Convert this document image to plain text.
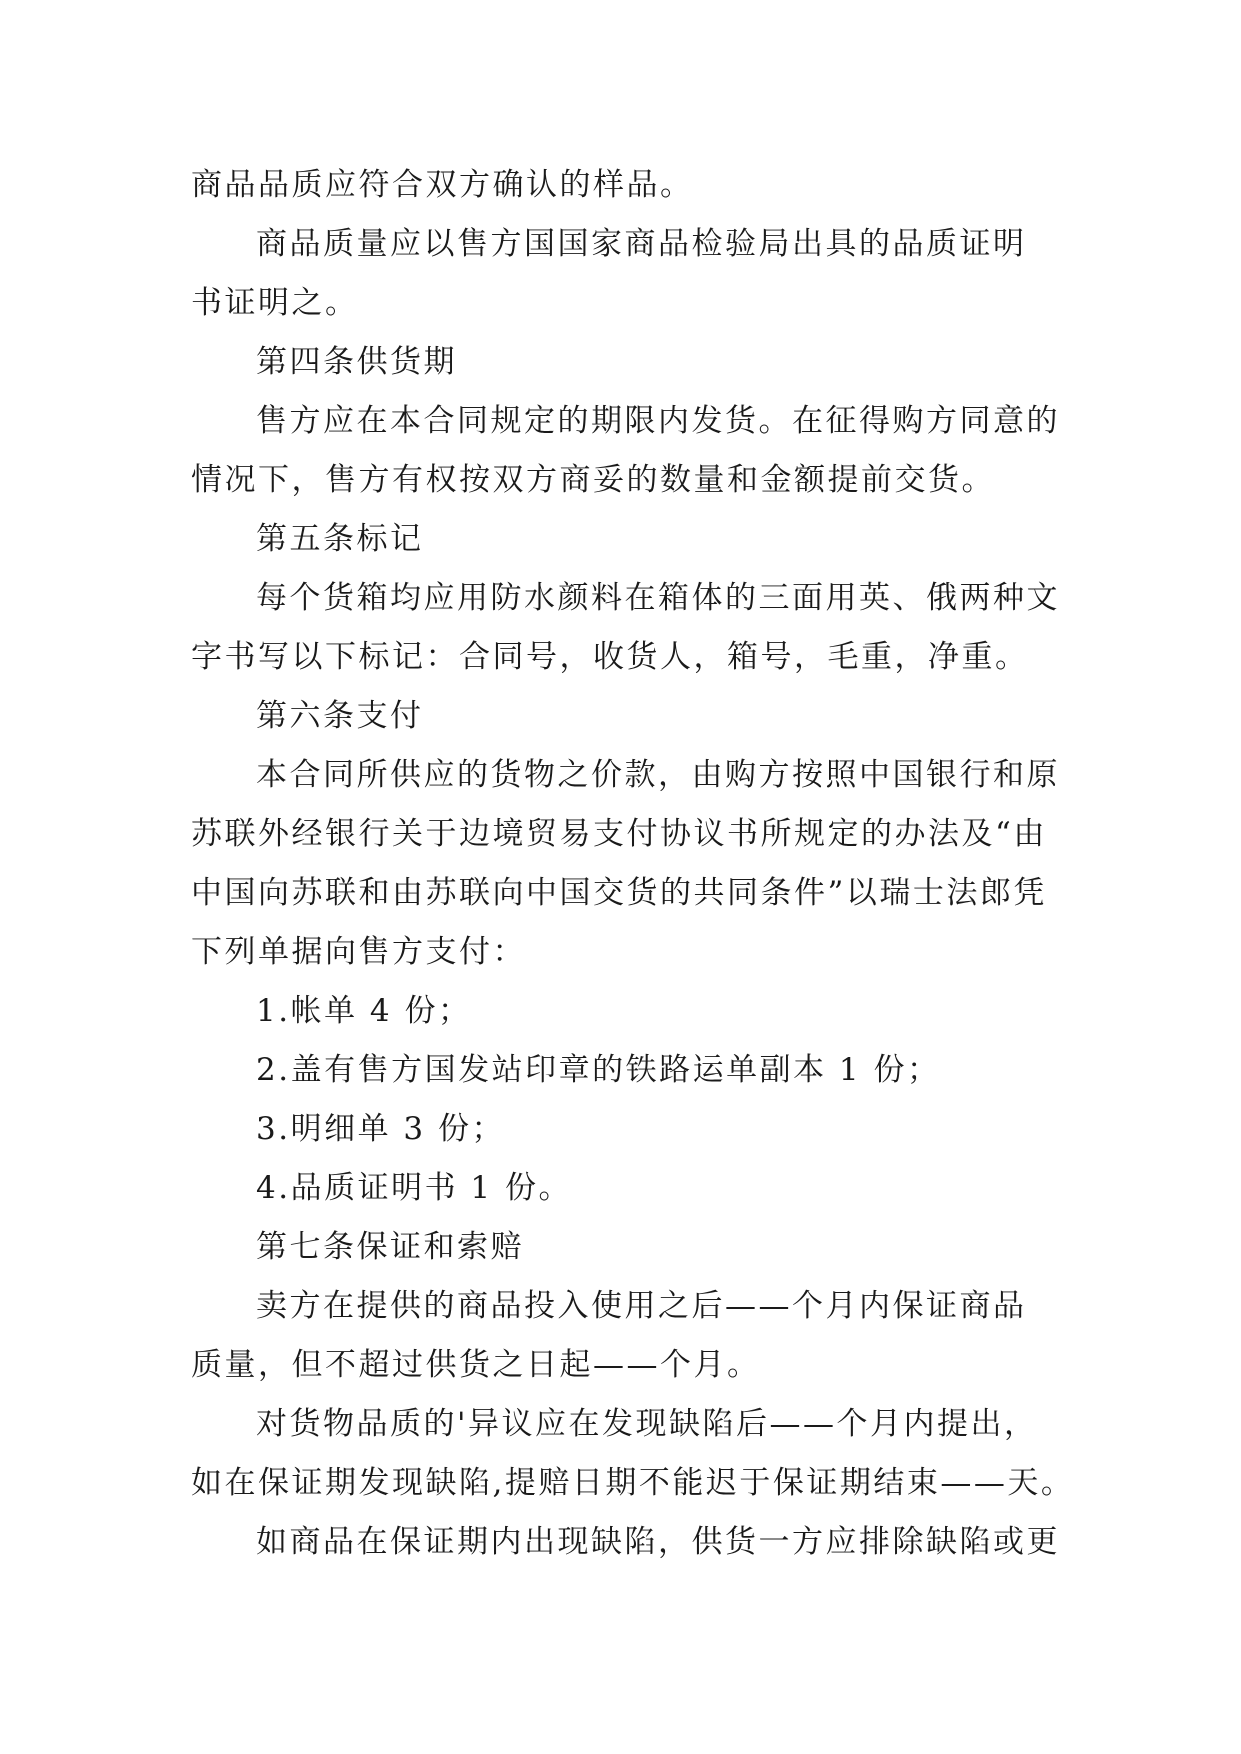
商品品质应符合双方确认的样品。
商品质量应以售方国国家商品检验局出具的品质证明
书证明之。
第四条供货期
售方应在本合同规定的期限内发货。在征得购方同意的
情况下，售方有权按双方商妥的数量和金额提前交货。
第五条标记
每个货箱均应用防水颜料在箱体的三面用英、俄两种文
字书写以下标记：合同号，收货人，箱号，毛重，净重。
第六条支付
本合同所供应的货物之价款，由购方按照中国银行和原
苏联外经银行关于边境贸易支付协议书所规定的办法及“由
中国向苏联和由苏联向中国交货的共同条件”以瑞士法郎凭
下列单据向售方支付：
1.帐单 4 份；
2.盖有售方国发站印章的铁路运单副本 1 份；
3.明细单 3 份；
4.品质证明书 1 份。
第七条保证和索赔
卖方在提供的商品投入使用之后——个月内保证商品
质量，但不超过供货之日起——个月。
对货物品质的'异议应在发现缺陷后——个月内提出，
如在保证期发现缺陷,提赔日期不能迟于保证期结束——天。
如商品在保证期内出现缺陷，供货一方应排除缺陷或更
